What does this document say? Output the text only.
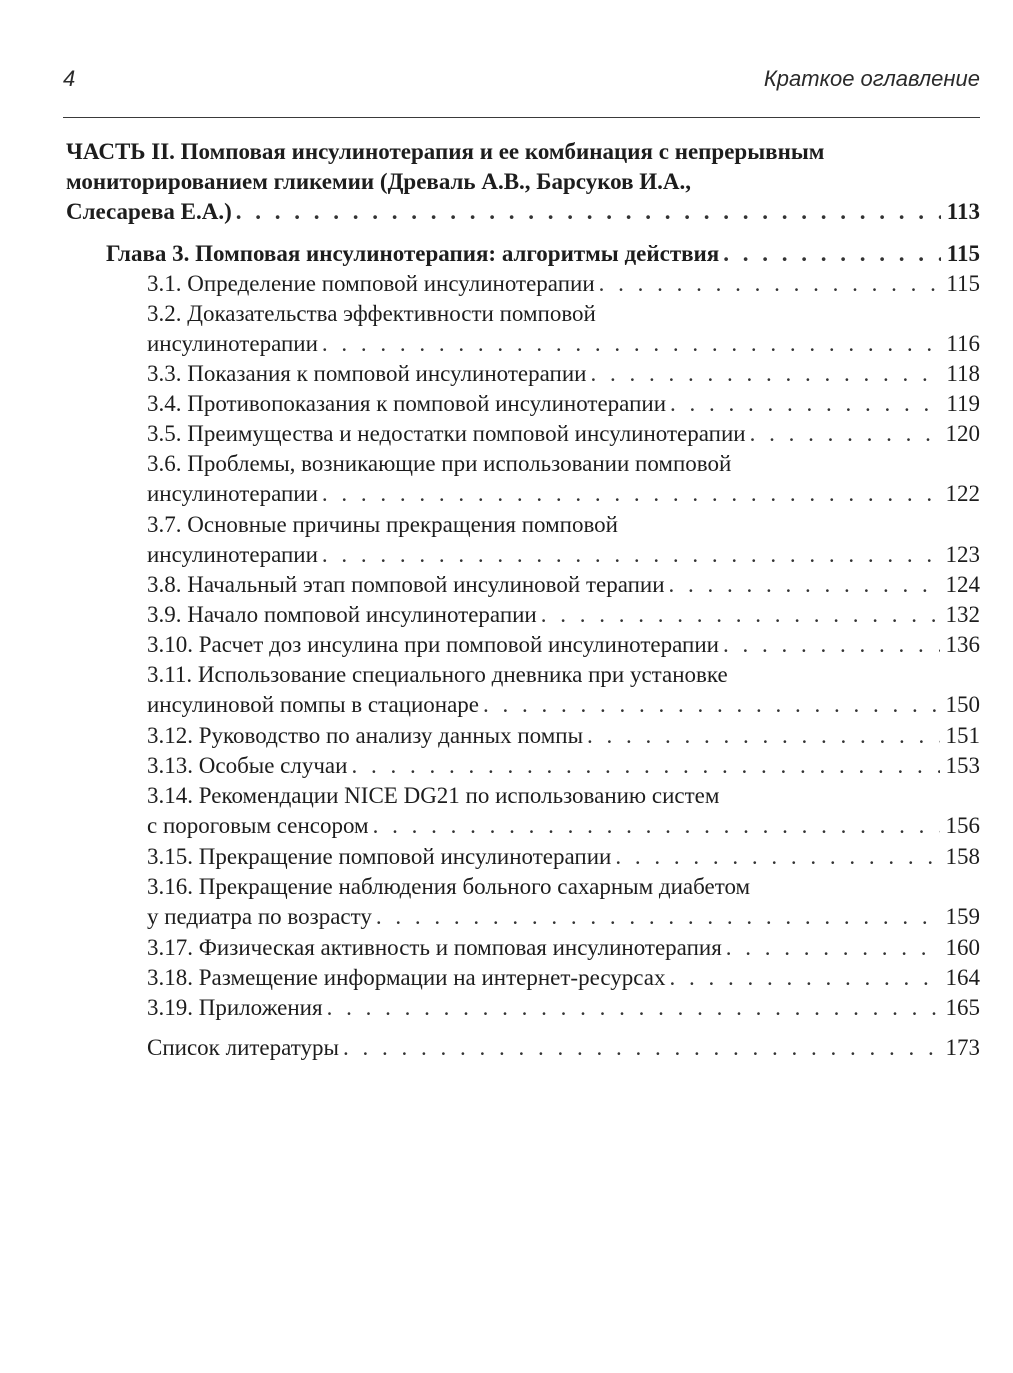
4	Краткое оглавление
ЧАСТЬ II. Помповая инсулинотерапия и ее комбинация с непрерывным
мониторированием гликемии (Древаль А.В., Барсуков И.А.,
Слесарева Е.А.) . . .	113
Глава 3. Помповая инсулинотерапия: алгоритмы действия . . .	115
3.1. Определение помповой инсулинотерапии . . .	115
3.2. Доказательства эффективности помповой
инсулинотерапии . . .	116
3.3. Показания к помповой инсулинотерапии . . .	118
3.4. Противопоказания к помповой инсулинотерапии . . .	119
3.5. Преимущества и недостатки помповой инсулинотерапии . . .	120
3.6. Проблемы, возникающие при использовании помповой
инсулинотерапии . . .	122
3.7. Основные причины прекращения помповой
инсулинотерапии . . .	123
3.8. Начальный этап помповой инсулиновой терапии . . .	124
3.9. Начало помповой инсулинотерапии . . .	132
3.10. Расчет доз инсулина при помповой инсулинотерапии . . .	136
3.11. Использование специального дневника при установке
инсулиновой помпы в стационаре . . .	150
3.12. Руководство по анализу данных помпы . . .	151
3.13. Особые случаи . . .	153
3.14. Рекомендации NICE DG21 по использованию систем
с пороговым сенсором . . .	156
3.15. Прекращение помповой инсулинотерапии . . .	158
3.16. Прекращение наблюдения больного сахарным диабетом
у педиатра по возрасту . . .	159
3.17. Физическая активность и помповая инсулинотерапия . . .	160
3.18. Размещение информации на интернет-ресурсах . . .	164
3.19. Приложения . . .	165
Список литературы . . .	173
